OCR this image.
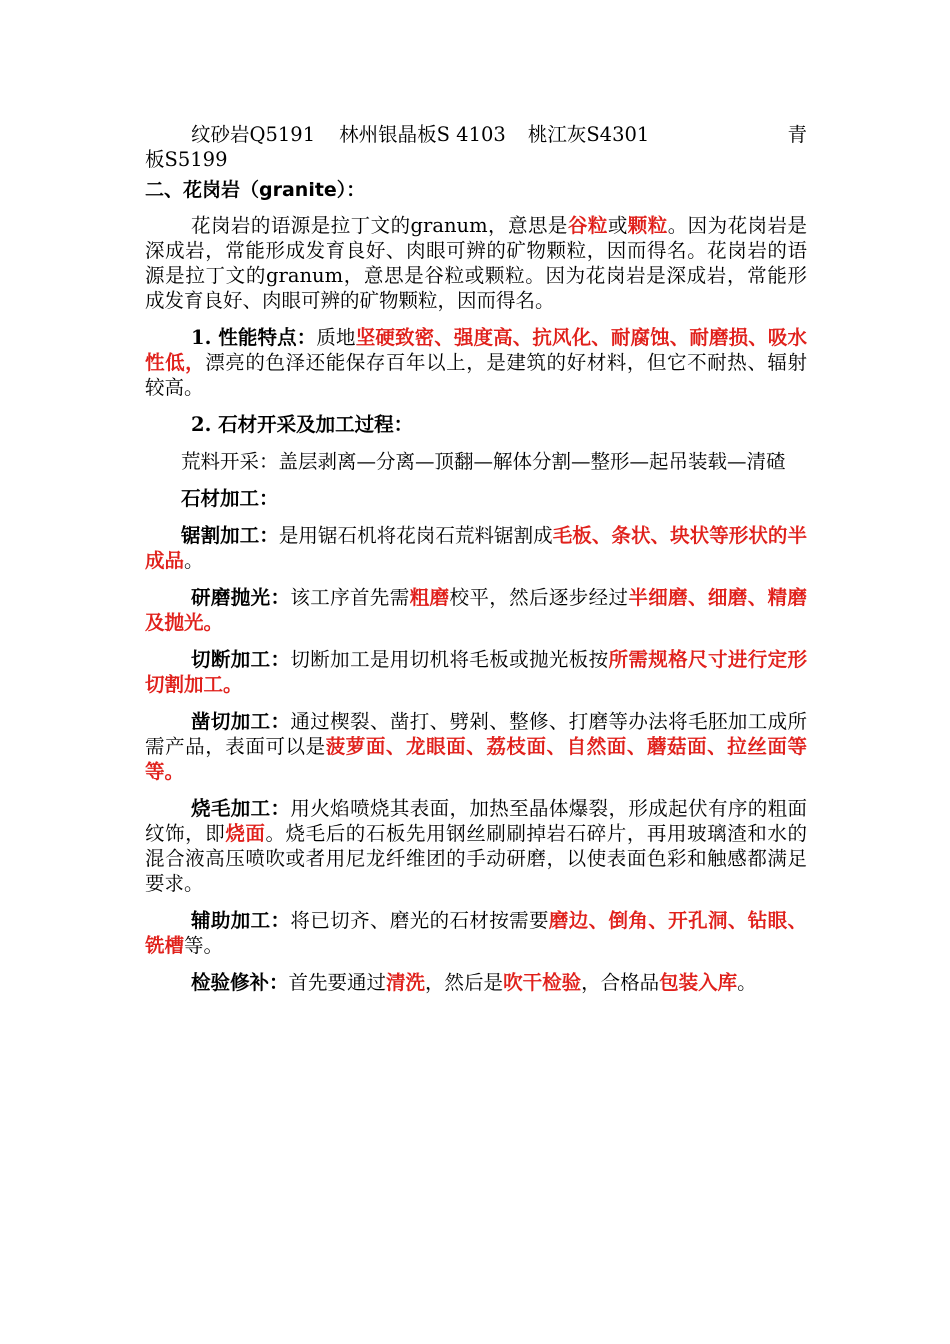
纹砂岩Q5191 林州银晶板S 4103 桃江灰S4301	青

板S5199

二、花岗岩（granite）：

花岗岩的语源是拉丁文的granum，意思是谷粒或颗粒。因为花岗岩是深成岩，常能形成发育良好、肉眼可辨的矿物颗粒，因而得名。花岗岩的语源是拉丁文的granum，意思是谷粒或颗粒。因为花岗岩是深成岩，常能形成发育良好、肉眼可辨的矿物颗粒，因而得名。

1. 性能特点：质地坚硬致密、强度高、抗风化、耐腐蚀、耐磨损、吸水性低，漂亮的色泽还能保存百年以上，是建筑的好材料，但它不耐热、辐射较高。

2. 石材开采及加工过程：

荒料开采：盖层剥离—分离—顶翻—解体分割—整形—起吊装载—清碴

石材加工：

锯割加工：是用锯石机将花岗石荒料锯割成毛板、条状、块状等形状的半成品。

研磨抛光：该工序首先需粗磨校平，然后逐步经过半细磨、细磨、精磨及抛光。

切断加工：切断加工是用切机将毛板或抛光板按所需规格尺寸进行定形切割加工。

凿切加工：通过楔裂、凿打、劈剁、整修、打磨等办法将毛胚加工成所需产品，表面可以是菠萝面、龙眼面、荔枝面、自然面、蘑菇面、拉丝面等等。

烧毛加工：用火焰喷烧其表面，加热至晶体爆裂，形成起伏有序的粗面纹饰，即烧面。烧毛后的石板先用钢丝刷刷掉岩石碎片，再用玻璃渣和水的混合液高压喷吹或者用尼龙纤维团的手动研磨，以使表面色彩和触感都满足要求。

辅助加工：将已切齐、磨光的石材按需要磨边、倒角、开孔洞、钻眼、铣槽等。

检验修补：首先要通过清洗，然后是吹干检验，合格品包装入库。
